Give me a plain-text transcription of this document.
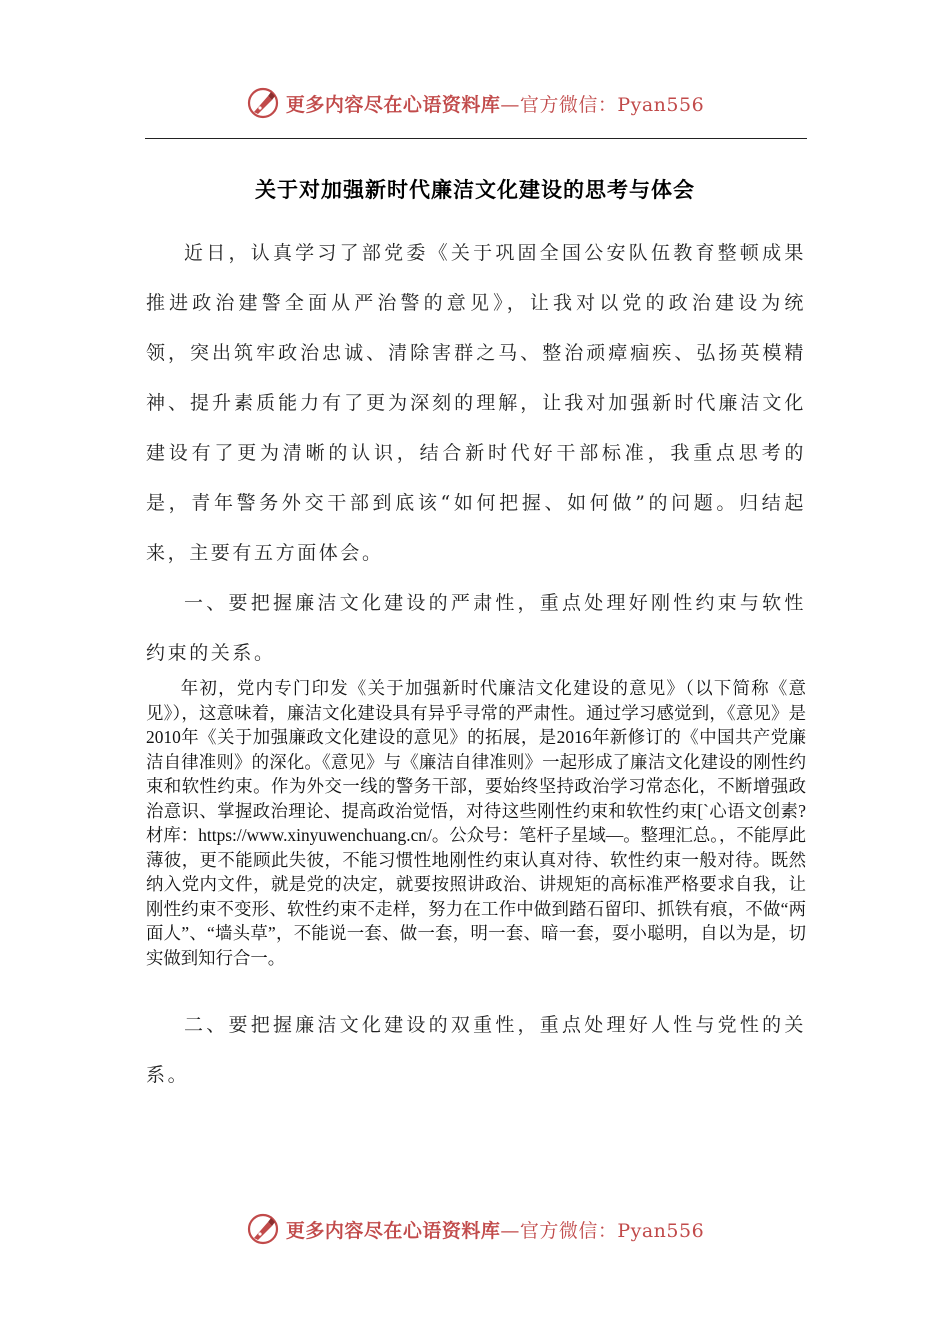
更多内容尽在心语资料库—官方微信：Pyan556
关于对加强新时代廉洁文化建设的思考与体会

近日，认真学习了部党委《关于巩固全国公安队伍教育整顿成果推进政治建警全面从严治警的意见》，让我对以党的政治建设为统领，突出筑牢政治忠诚、清除害群之马、整治顽瘴痼疾、弘扬英模精神、提升素质能力有了更为深刻的理解，让我对加强新时代廉洁文化建设有了更为清晰的认识，结合新时代好干部标准，我重点思考的是，青年警务外交干部到底该“如何把握、如何做”的问题。归结起来，主要有五方面体会。

一、要把握廉洁文化建设的严肃性，重点处理好刚性约束与软性约束的关系。

年初，党内专门印发《关于加强新时代廉洁文化建设的意见》（以下简称《意见》），这意味着，廉洁文化建设具有异乎寻常的严肃性。通过学习感觉到，《意见》是2010年《关于加强廉政文化建设的意见》的拓展，是2016年新修订的《中国共产党廉洁自律准则》的深化。《意见》与《廉洁自律准则》一起形成了廉洁文化建设的刚性约束和软性约束。作为外交一线的警务干部，要始终坚持政治学习常态化，不断增强政治意识、掌握政治理论、提高政治觉悟，对待这些刚性约束和软性约束[`心语文创素?材库：https://www.xinyuwenchuang.cn/。公众号：笔杆子星域—。整理汇总。，不能厚此薄彼，更不能顾此失彼，不能习惯性地刚性约束认真对待、软性约束一般对待。既然纳入党内文件，就是党的决定，就要按照讲政治、讲规矩的高标准严格要求自我，让刚性约束不变形、软性约束不走样，努力在工作中做到踏石留印、抓铁有痕，不做“两面人”、“墙头草”，不能说一套、做一套，明一套、暗一套，耍小聪明，自以为是，切实做到知行合一。

二、要把握廉洁文化建设的双重性，重点处理好人性与党性的关系。

更多内容尽在心语资料库—官方微信：Pyan556
